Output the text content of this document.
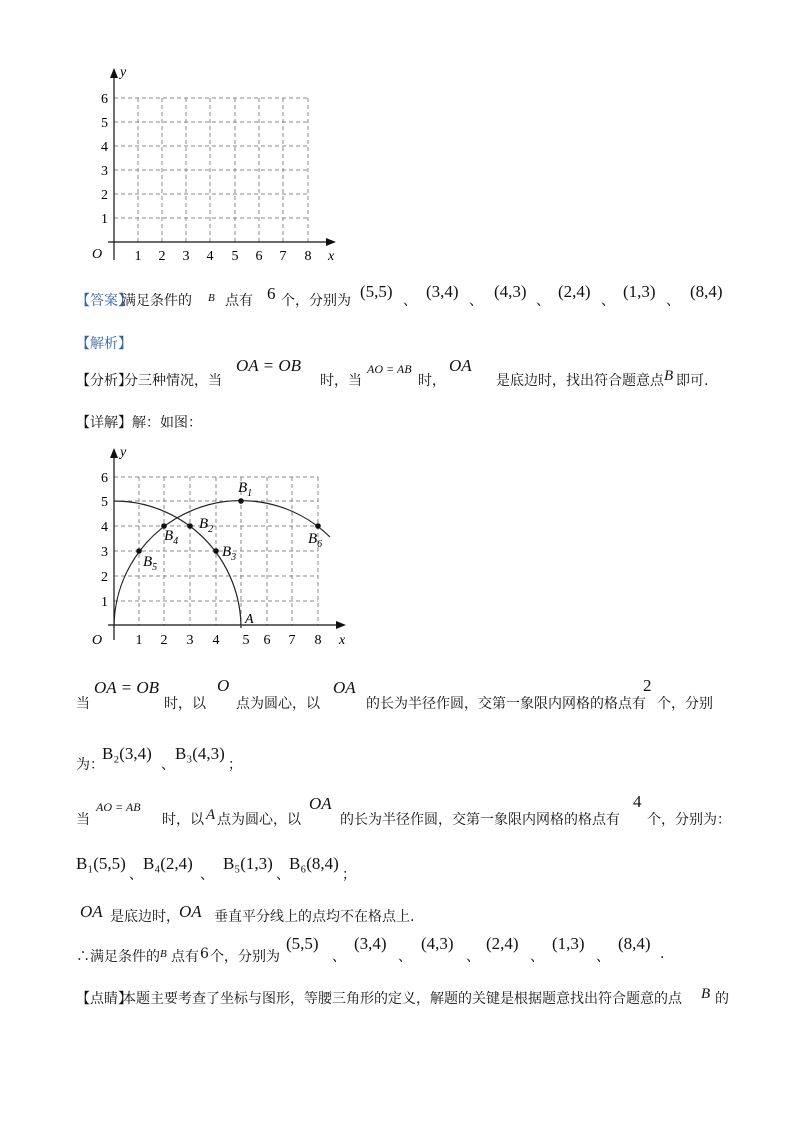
y
x
O 1 2 3 4 5 6 7 8
1
2
3
4
5
6
【答案】
满足条件的 B 点有 6 个，分别为 (5,5) 、 (3,4) 、 (4,3) 、 (2,4) 、 (1,3) 、 (8,4)
【解析】
【分析】
分三种情况，当
OA = OB
时，当
AO = AB
时，
OA
是底边时，找出符合题意点 B 即可.
【详解】解：如图：
$B_1$
$B_2$
$B_3$
$B_4$
$B_5$
$B_6$
y
x
O
A
1 2 3 4 5 6 7 8
1
2
3
4
5
6
当
OA = OB
时，以
O
点为圆心，以
OA
的长为半径作圆，交第一象限内网格的格点有
2
个，分别
为：
B₂(3,4)
、
B₃(4,3)
；
当
AO = AB
时，以 A 点为圆心，以
OA
的长为半径作圆，交第一象限内网格的格点有
4
个，分别为：
B₁(5,5)
、
B₄(2,4)
、
B₅(1,3)
、
B₆(8,4)
；
OA 是底边时， OA 垂直平分线上的点均不在格点上.
∴满足条件的 B 点有 6 个，分别为
(5,5)
、
(3,4)
、
(4,3)
、
(2,4)
、
(1,3)
、
(8,4)
.
【点睛】
本题主要考查了坐标与图形，等腰三角形的定义，解题的关键是根据题意找出符合题意的点 B 的
